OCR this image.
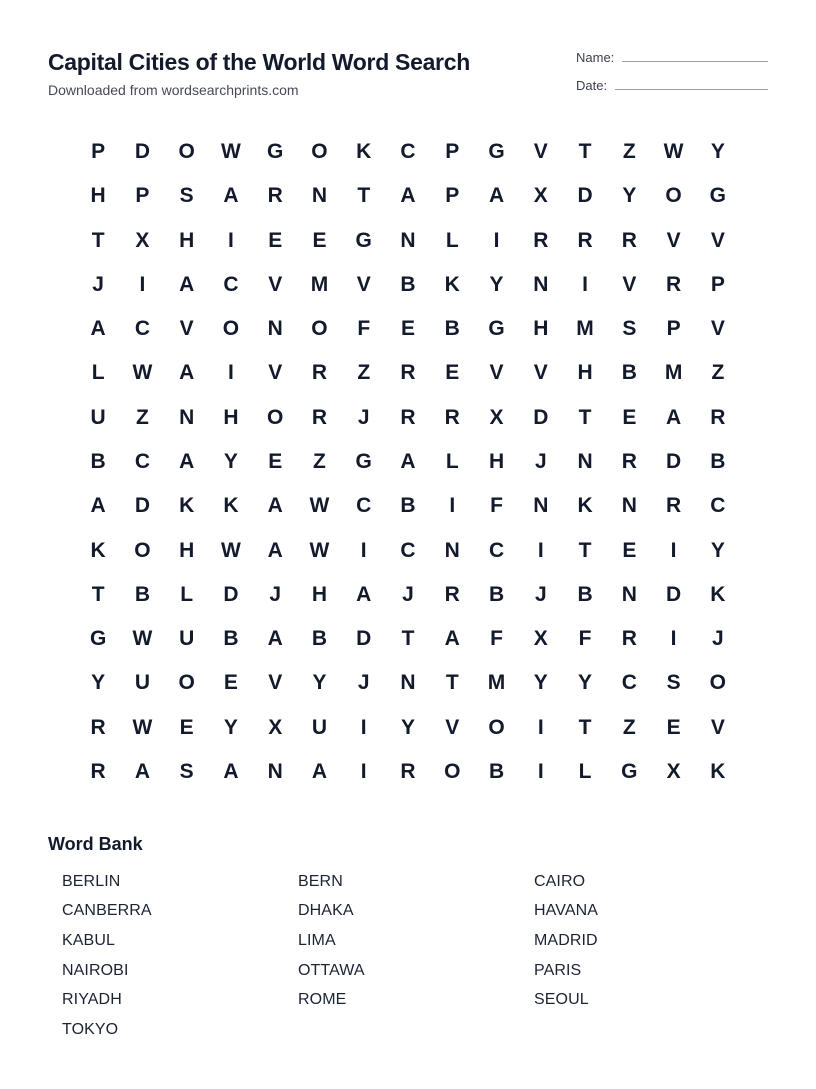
Capital Cities of the World Word Search
Downloaded from wordsearchprints.com
Name:
Date:
P	D	O	W	G	O	K	C	P	G	V	T	Z	W	Y
H	P	S	A	R	N	T	A	P	A	X	D	Y	O	G
T	X	H	I	E	E	G	N	L	I	R	R	R	V	V
J	I	A	C	V	M	V	B	K	Y	N	I	V	R	P
A	C	V	O	N	O	F	E	B	G	H	M	S	P	V
L	W	A	I	V	R	Z	R	E	V	V	H	B	M	Z
U	Z	N	H	O	R	J	R	R	X	D	T	E	A	R
B	C	A	Y	E	Z	G	A	L	H	J	N	R	D	B
A	D	K	K	A	W	C	B	I	F	N	K	N	R	C
K	O	H	W	A	W	I	C	N	C	I	T	E	I	Y
T	B	L	D	J	H	A	J	R	B	J	B	N	D	K
G	W	U	B	A	B	D	T	A	F	X	F	R	I	J
Y	U	O	E	V	Y	J	N	T	M	Y	Y	C	S	O
R	W	E	Y	X	U	I	Y	V	O	I	T	Z	E	V
R	A	S	A	N	A	I	R	O	B	I	L	G	X	K
Word Bank
BERLIN	BERN	CAIRO
CANBERRA	DHAKA	HAVANA
KABUL	LIMA	MADRID
NAIROBI	OTTAWA	PARIS
RIYADH	ROME	SEOUL
TOKYO
